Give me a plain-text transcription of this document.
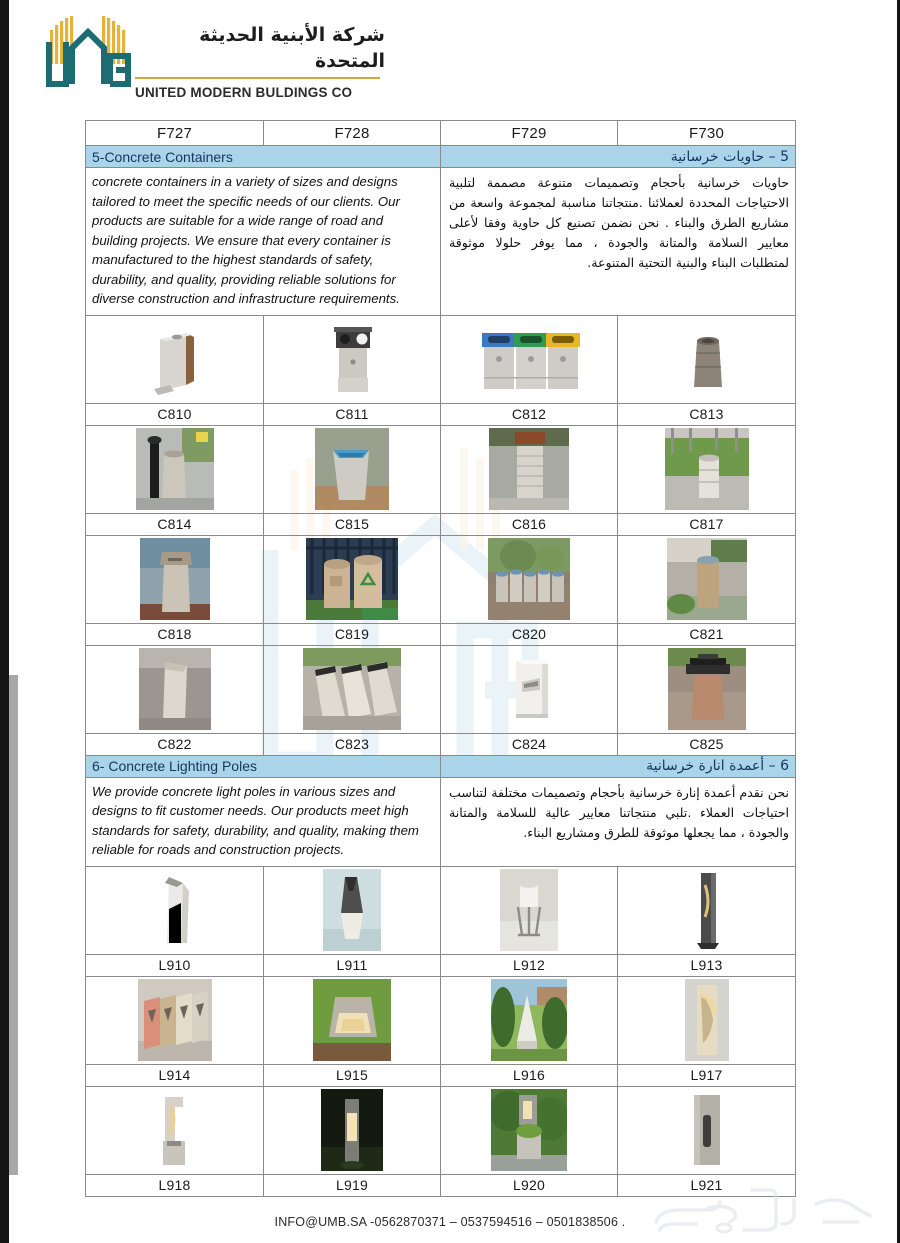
شركة الأبنية الحديثة المتحدة
UNITED MODERN BULDINGS CO
F727	F728	F729	F730
5-Concrete Containers		5 – حاويات خرسانية	
concrete containers in a variety of sizes and designs tailored to meet the specific needs of our clients. Our products are suitable for a wide range of road and building projects. We ensure that every container is manufactured to the highest standards of safety, durability, and quality, providing reliable solutions for diverse construction and infrastructure requirements.	حاويات خرسانية بأحجام وتصميمات متنوعة مصممة لتلبية الاحتياجات المحددة لعملائنا .منتجاتنا مناسبة لمجموعة واسعة من مشاريع الطرق والبناء . نحن نضمن تصنيع كل حاوية وفقا لأعلى معايير السلامة والمتانة والجودة ، مما يوفر حلولا موثوقة لمتطلبات البناء والبنية التحتية المتنوعة.

C810	C811	C812	C813

C814	C815	C816	C817

C818	C819	C820	C821

C822	C823	C824	C825
6- Concrete Lighting Poles		6 – أعمدة انارة خرسانية	
We provide concrete light poles in various sizes and designs to fit customer needs. Our products meet high standards for safety, durability, and quality, making them reliable for roads and construction projects.		نحن نقدم أعمدة إنارة خرسانية بأحجام وتصميمات مختلفة لتناسب احتياجات العملاء .تلبي منتجاتنا معايير عالية للسلامة والمتانة والجودة ، مما يجعلها موثوقة للطرق ومشاريع البناء.	

L910	L911	L912	L913

L914	L915	L916	L917

L918	L919	L920	L921
INFO@UMB.SA -0562870371 – 0537594516 – 0501838506 .
